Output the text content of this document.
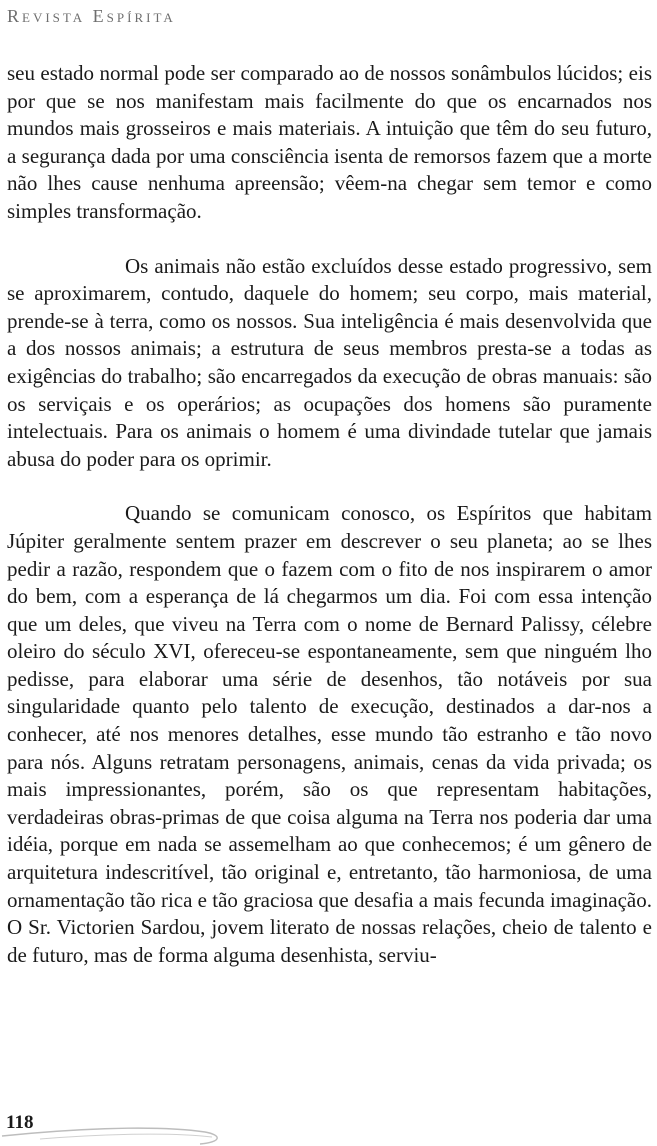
Revista Espírita

seu estado normal pode ser comparado ao de nossos sonâmbulos lúcidos; eis por que se nos manifestam mais facilmente do que os encarnados nos mundos mais grosseiros e mais materiais. A intuição que têm do seu futuro, a segurança dada por uma consciência isenta de remorsos fazem que a morte não lhes cause nenhuma apreensão; vêem-na chegar sem temor e como simples transformação.

Os animais não estão excluídos desse estado progressivo, sem se aproximarem, contudo, daquele do homem; seu corpo, mais material, prende-se à terra, como os nossos. Sua inteligência é mais desenvolvida que a dos nossos animais; a estrutura de seus membros presta-se a todas as exigências do trabalho; são encarregados da execução de obras manuais: são os serviçais e os operários; as ocupações dos homens são puramente intelectuais. Para os animais o homem é uma divindade tutelar que jamais abusa do poder para os oprimir.

Quando se comunicam conosco, os Espíritos que habitam Júpiter geralmente sentem prazer em descrever o seu planeta; ao se lhes pedir a razão, respondem que o fazem com o fito de nos inspirarem o amor do bem, com a esperança de lá chegarmos um dia. Foi com essa intenção que um deles, que viveu na Terra com o nome de Bernard Palissy, célebre oleiro do século XVI, ofereceu-se espontaneamente, sem que ninguém lho pedisse, para elaborar uma série de desenhos, tão notáveis por sua singularidade quanto pelo talento de execução, destinados a dar-nos a conhecer, até nos menores detalhes, esse mundo tão estranho e tão novo para nós. Alguns retratam personagens, animais, cenas da vida privada; os mais impressionantes, porém, são os que representam habitações, verdadeiras obras-primas de que coisa alguma na Terra nos poderia dar uma idéia, porque em nada se assemelham ao que conhecemos; é um gênero de arquitetura indescritível, tão original e, entretanto, tão harmoniosa, de uma ornamentação tão rica e tão graciosa que desafia a mais fecunda imaginação. O Sr. Victorien Sardou, jovem literato de nossas relações, cheio de talento e de futuro, mas de forma alguma desenhista, serviu-

118
